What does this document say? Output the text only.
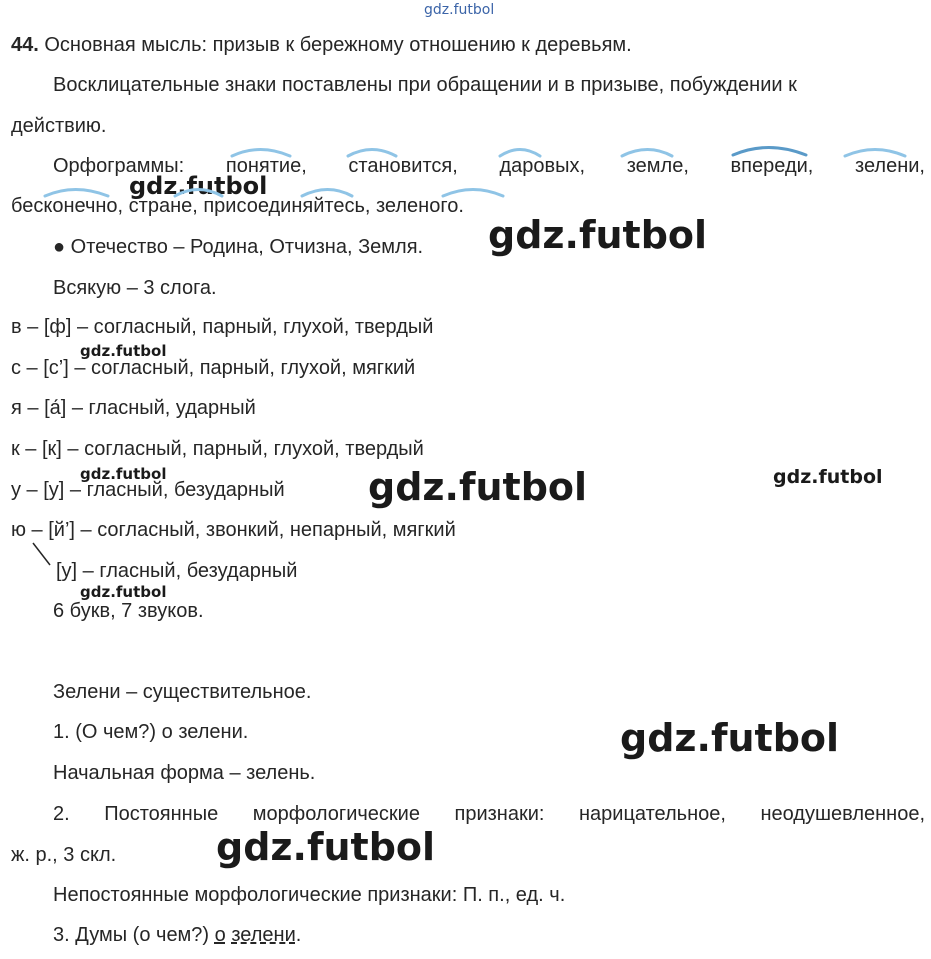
gdz.futbol
gdz.futbol
gdz.futbol
gdz.futbol
gdz.futbol	gdz.futbol	gdz.futbol
gdz.futbol
gdz.futbol
gdz.futbol
44. Основная мысль: призыв к бережному отношению к деревьям.
Восклицательные знаки поставлены при обращении и в призыве, побуждении к
действию.
Орфограммы: понятие, становится, даровых, земле, впереди, зелени,
бесконечно, стране, присоединяйтесь, зеленого.
● Отечество – Родина, Отчизна, Земля.
Всякую – 3 слога.
в – [ф] – согласный, парный, глухой, твердый
с – [с’] – согласный, парный, глухой, мягкий
я – [а́] – гласный, ударный
к – [к] – согласный, парный, глухой, твердый
у – [у] – гласный, безударный
ю – [й’] – согласный, звонкий, непарный, мягкий
[у] – гласный, безударный
6 букв, 7 звуков.
Зелени – существительное.
1. (О чем?) о зелени.
Начальная форма – зелень.
2. Постоянные морфологические признаки: нарицательное, неодушевленное,
ж. р., 3 скл.
Непостоянные морфологические признаки: П. п., ед. ч.
3. Думы (о чем?) о зелени.
